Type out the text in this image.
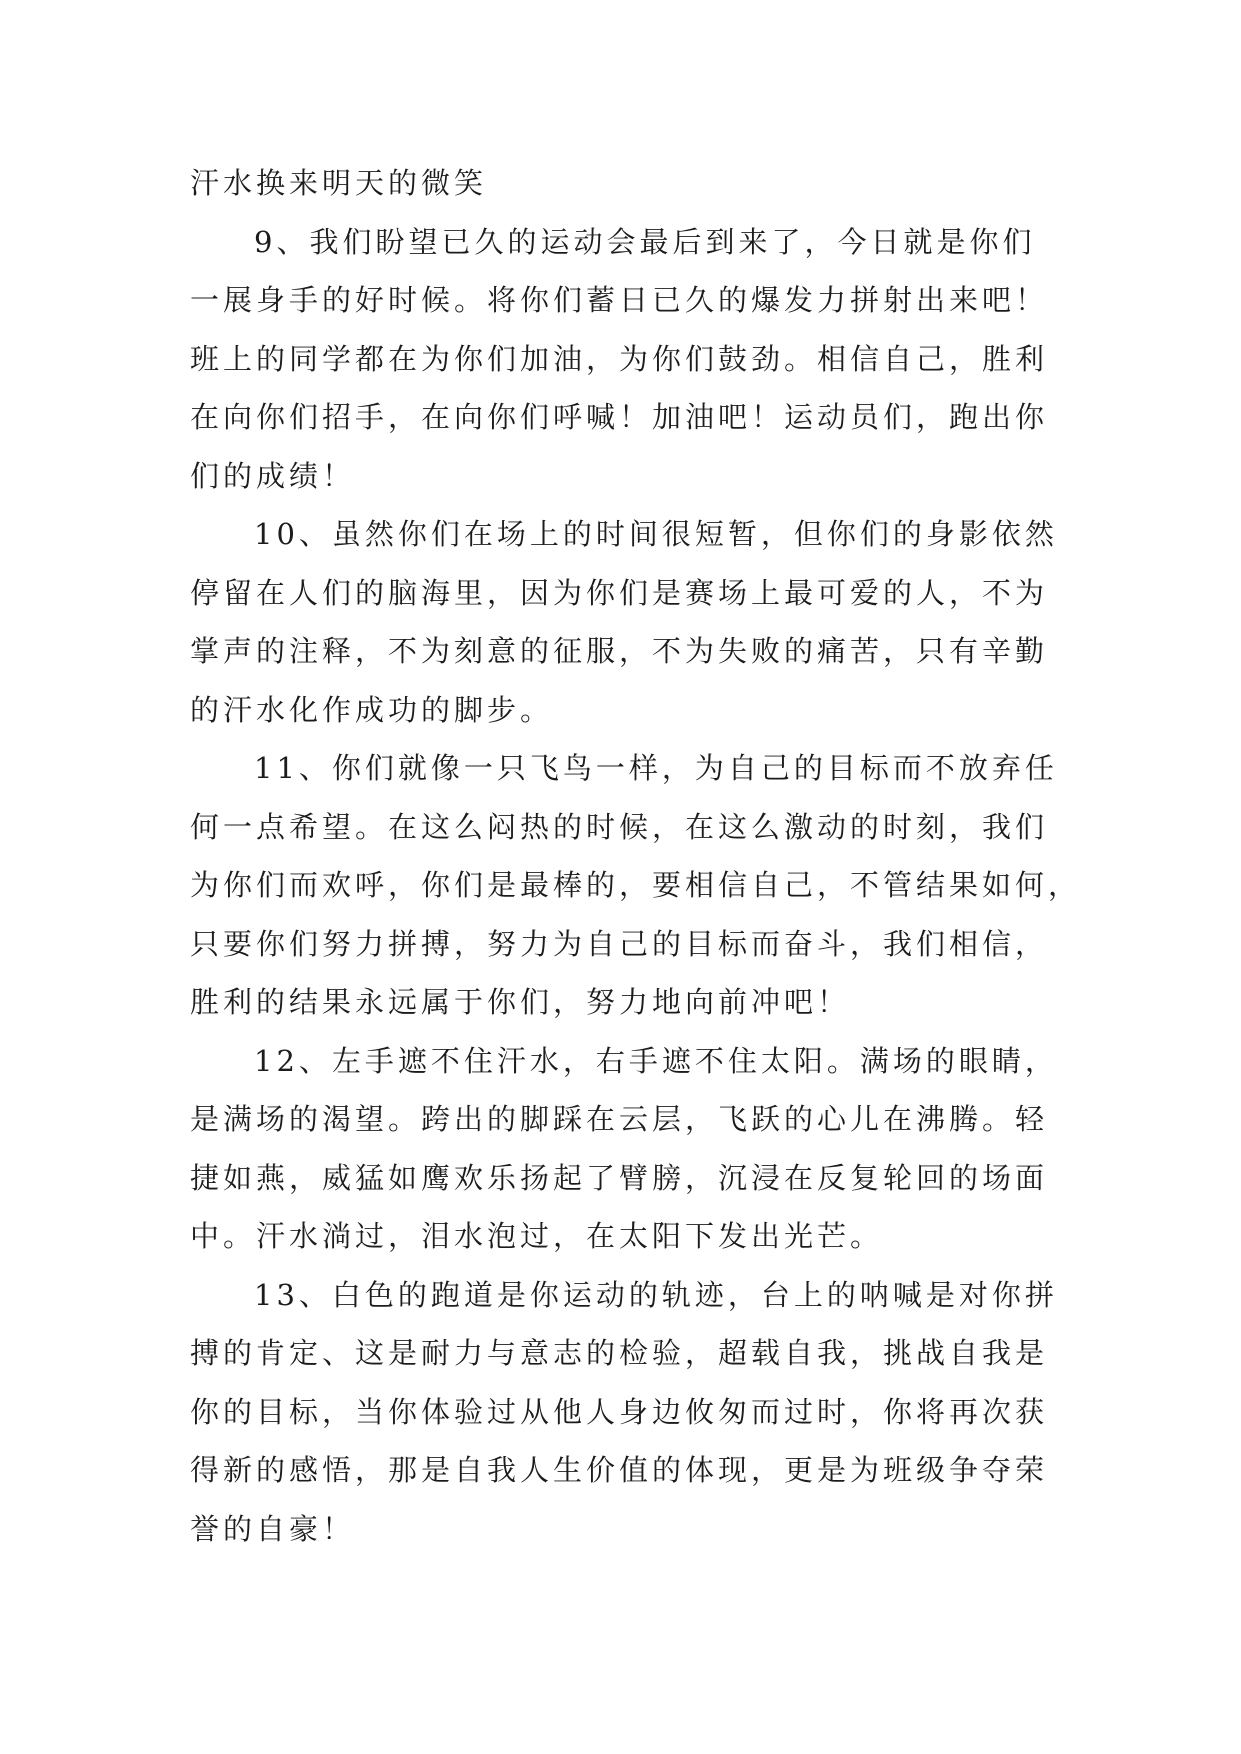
汗水换来明天的微笑
9、我们盼望已久的运动会最后到来了，今日就是你们
一展身手的好时候。将你们蓄日已久的爆发力拼射出来吧！
班上的同学都在为你们加油，为你们鼓劲。相信自己，胜利
在向你们招手，在向你们呼喊！加油吧！运动员们，跑出你
们的成绩！
10、虽然你们在场上的时间很短暂，但你们的身影依然
停留在人们的脑海里，因为你们是赛场上最可爱的人，不为
掌声的注释，不为刻意的征服，不为失败的痛苦，只有辛勤
的汗水化作成功的脚步。
11、你们就像一只飞鸟一样，为自己的目标而不放弃任
何一点希望。在这么闷热的时候，在这么激动的时刻，我们
为你们而欢呼，你们是最棒的，要相信自己，不管结果如何，
只要你们努力拼搏，努力为自己的目标而奋斗，我们相信，
胜利的结果永远属于你们，努力地向前冲吧！
12、左手遮不住汗水，右手遮不住太阳。满场的眼睛，
是满场的渴望。跨出的脚踩在云层，飞跃的心儿在沸腾。轻
捷如燕，威猛如鹰欢乐扬起了臂膀，沉浸在反复轮回的场面
中。汗水淌过，泪水泡过，在太阳下发出光芒。
13、白色的跑道是你运动的轨迹，台上的呐喊是对你拼
搏的肯定、这是耐力与意志的检验，超载自我，挑战自我是
你的目标，当你体验过从他人身边攸匆而过时，你将再次获
得新的感悟，那是自我人生价值的体现，更是为班级争夺荣
誉的自豪！
